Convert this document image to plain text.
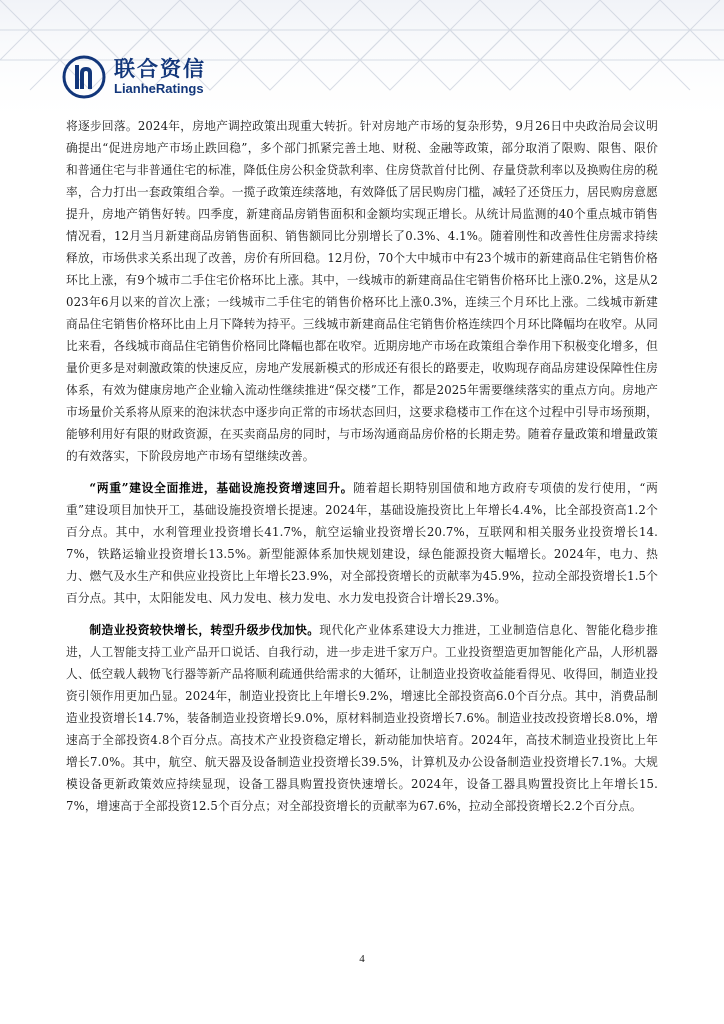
联合资信
LianheRatings

将逐步回落。2024年，房地产调控政策出现重大转折。针对房地产市场的复杂形势，9月26日中央政治局会议明确提出“促进房地产市场止跌回稳”，多个部门抓紧完善土地、财税、金融等政策，部分取消了限购、限售、限价和普通住宅与非普通住宅的标准，降低住房公积金贷款利率、住房贷款首付比例、存量贷款利率以及换购住房的税率，合力打出一套政策组合拳。一揽子政策连续落地，有效降低了居民购房门槛，减轻了还贷压力，居民购房意愿提升，房地产销售好转。四季度，新建商品房销售面积和金额均实现正增长。从统计局监测的40个重点城市销售情况看，12月当月新建商品房销售面积、销售额同比分别增长了0.3%、4.1%。随着刚性和改善性住房需求持续释放，市场供求关系出现了改善，房价有所回稳。12月份，70个大中城市中有23个城市的新建商品住宅销售价格环比上涨，有9个城市二手住宅价格环比上涨。其中，一线城市的新建商品住宅销售价格环比上涨0.2%，这是从2023年6月以来的首次上涨；一线城市二手住宅的销售价格环比上涨0.3%，连续三个月环比上涨。二线城市新建商品住宅销售价格环比由上月下降转为持平。三线城市新建商品住宅销售价格连续四个月环比降幅均在收窄。从同比来看，各线城市商品住宅销售价格同比降幅也都在收窄。近期房地产市场在政策组合拳作用下积极变化增多，但量价更多是对刺激政策的快速反应，房地产发展新模式的形成还有很长的路要走，收购现存商品房建设保障性住房体系，有效为健康房地产企业输入流动性继续推进“保交楼”工作，都是2025年需要继续落实的重点方向。房地产市场量价关系将从原来的泡沫状态中逐步向正常的市场状态回归，这要求稳楼市工作在这个过程中引导市场预期，能够利用好有限的财政资源，在买卖商品房的同时，与市场沟通商品房价格的长期走势。随着存量政策和增量政策的有效落实，下阶段房地产市场有望继续改善。

“两重”建设全面推进，基础设施投资增速回升。随着超长期特别国债和地方政府专项债的发行使用，“两重”建设项目加快开工，基础设施投资增长提速。2024年，基础设施投资比上年增长4.4%，比全部投资高1.2个百分点。其中，水利管理业投资增长41.7%，航空运输业投资增长20.7%，互联网和相关服务业投资增长14.7%，铁路运输业投资增长13.5%。新型能源体系加快规划建设，绿色能源投资大幅增长。2024年，电力、热力、燃气及水生产和供应业投资比上年增长23.9%，对全部投资增长的贡献率为45.9%，拉动全部投资增长1.5个百分点。其中，太阳能发电、风力发电、核力发电、水力发电投资合计增长29.3%。

制造业投资较快增长，转型升级步伐加快。现代化产业体系建设大力推进，工业制造信息化、智能化稳步推进，人工智能支持工业产品开口说话、自我行动，进一步走进千家万户。工业投资塑造更加智能化产品，人形机器人、低空载人载物飞行器等新产品将顺利疏通供给需求的大循环，让制造业投资收益能看得见、收得回，制造业投资引领作用更加凸显。2024年，制造业投资比上年增长9.2%，增速比全部投资高6.0个百分点。其中，消费品制造业投资增长14.7%，装备制造业投资增长9.0%，原材料制造业投资增长7.6%。制造业技改投资增长8.0%，增速高于全部投资4.8个百分点。高技术产业投资稳定增长，新动能加快培育。2024年，高技术制造业投资比上年增长7.0%。其中，航空、航天器及设备制造业投资增长39.5%，计算机及办公设备制造业投资增长7.1%。大规模设备更新政策效应持续显现，设备工器具购置投资快速增长。2024年，设备工器具购置投资比上年增长15.7%，增速高于全部投资12.5个百分点；对全部投资增长的贡献率为67.6%，拉动全部投资增长2.2个百分点。

4
